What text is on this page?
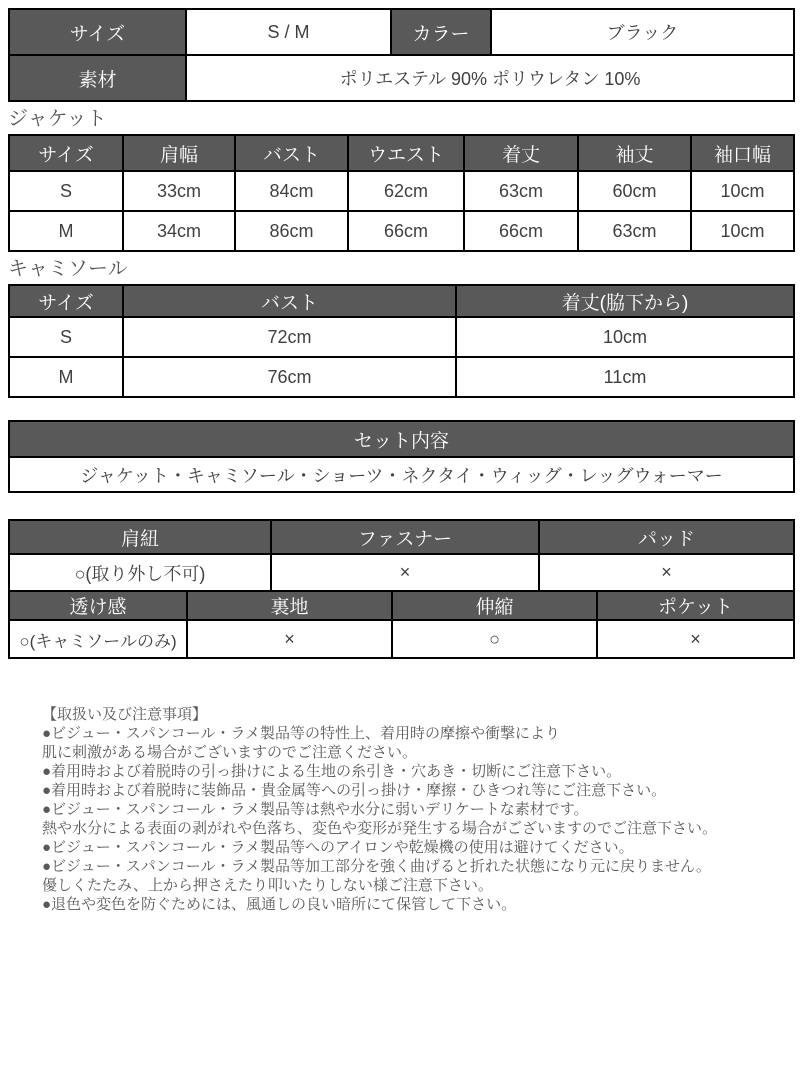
サイズ	S / M	カラー	ブラック
素材	ポリエステル 90% ポリウレタン 10%		
ジャケット
サイズ	肩幅	バスト	ウエスト	着丈	袖丈	袖口幅
S	33cm	84cm	62cm	63cm	60cm	10cm
M	34cm	86cm	66cm	66cm	63cm	10cm
キャミソール
サイズ	バスト	着丈(脇下から)
S	72cm	10cm
M	76cm	11cm
セット内容
ジャケット・キャミソール・ショーツ・ネクタイ・ウィッグ・レッグウォーマー
肩紐	ファスナー	パッド
○(取り外し不可)	×	×
透け感	裏地	伸縮	ポケット
○(キャミソールのみ)	×	○	×
【取扱い及び注意事項】
●ビジュー・スパンコール・ラメ製品等の特性上、着用時の摩擦や衝撃により
肌に刺激がある場合がございますのでご注意ください。
●着用時および着脱時の引っ掛けによる生地の糸引き・穴あき・切断にご注意下さい。
●着用時および着脱時に装飾品・貴金属等への引っ掛け・摩擦・ひきつれ等にご注意下さい。
●ビジュー・スパンコール・ラメ製品等は熱や水分に弱いデリケートな素材です。
熱や水分による表面の剥がれや色落ち、変色や変形が発生する場合がございますのでご注意下さい。
●ビジュー・スパンコール・ラメ製品等へのアイロンや乾燥機の使用は避けてください。
●ビジュー・スパンコール・ラメ製品等加工部分を強く曲げると折れた状態になり元に戻りません。
優しくたたみ、上から押さえたり叩いたりしない様ご注意下さい。
●退色や変色を防ぐためには、風通しの良い暗所にて保管して下さい。
